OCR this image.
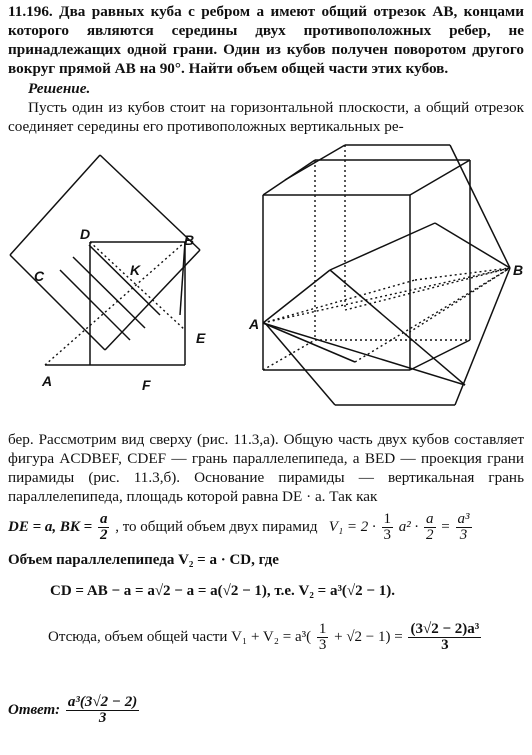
11.196. Два равных куба с ребром a имеют общий отрезок AB, концами которого являются середины двух противоположных ребер, не принадлежащих одной грани. Один из кубов получен поворотом другого вокруг прямой AB на 90°. Найти объем общей части этих кубов.
Решение.
Пусть один из кубов стоит на горизонтальной плоскости, а общий отрезок соединяет середины его противоположных вертикальных ре-
D	B
C	K
E
A	F
A
B
бер. Рассмотрим вид сверху (рис. 11.3,а). Общую часть двух кубов составляет фигура ACDBEF, CDEF — грань параллелепипеда, а BED — проекция грани пирамиды (рис. 11.3,б). Основание пирамиды — вертикальная грань параллелепипеда, площадь которой равна DE · a. Так как
DE = a, BK = $\frac{a}{2}$ , то общий объем двух пирамид $V_1 = 2 \cdot \frac{1}{3} a^2 \cdot \frac{a}{2} = \frac{\text{a³}}{3}$
Объем параллелепипеда V₂ = a · CD, где
CD = AB − a = a√2 − a = a(√2 − 1), т.е. V₂ = a³(√2 − 1).
Отсюда, объем общей части $V_1 + V_2 = a^3( \frac{1}{3} + √2 - 1) = \frac{\text{(3√2 − 2)a³}}{3}$
Ответ: $\frac{\text{a³(3√2 − 2)}}{3}$
